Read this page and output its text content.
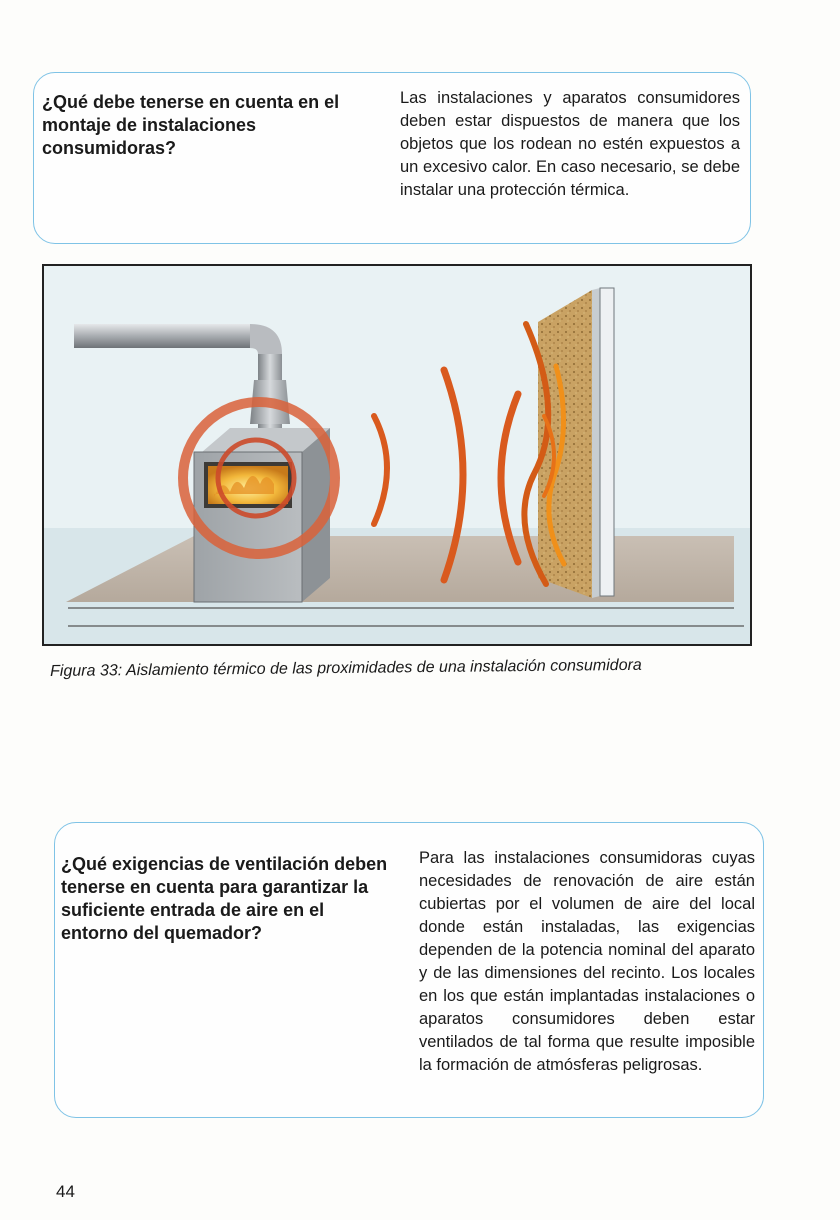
¿Qué debe tenerse en cuenta en el montaje de instalaciones consumidoras?

Las instalaciones y aparatos consumidores deben estar dispuestos de manera que los objetos que los rodean no estén expuestos a un excesivo calor. En caso necesario, se debe instalar una protección térmica.

Figura 33: Aislamiento térmico de las proximidades de una instalación consumidora

¿Qué exigencias de ventilación deben tenerse en cuenta para garantizar la suficiente entrada de aire en el entorno del quemador?

Para las instalaciones consumidoras cuyas necesidades de renovación de aire están cubiertas por el volumen de aire del local donde están instaladas, las exigencias dependen de la potencia nominal del aparato y de las dimensiones del recinto. Los locales en los que están implantadas instalaciones o aparatos consumidores deben estar ventilados de tal forma que resulte imposible la formación de atmósferas peligrosas.

44
